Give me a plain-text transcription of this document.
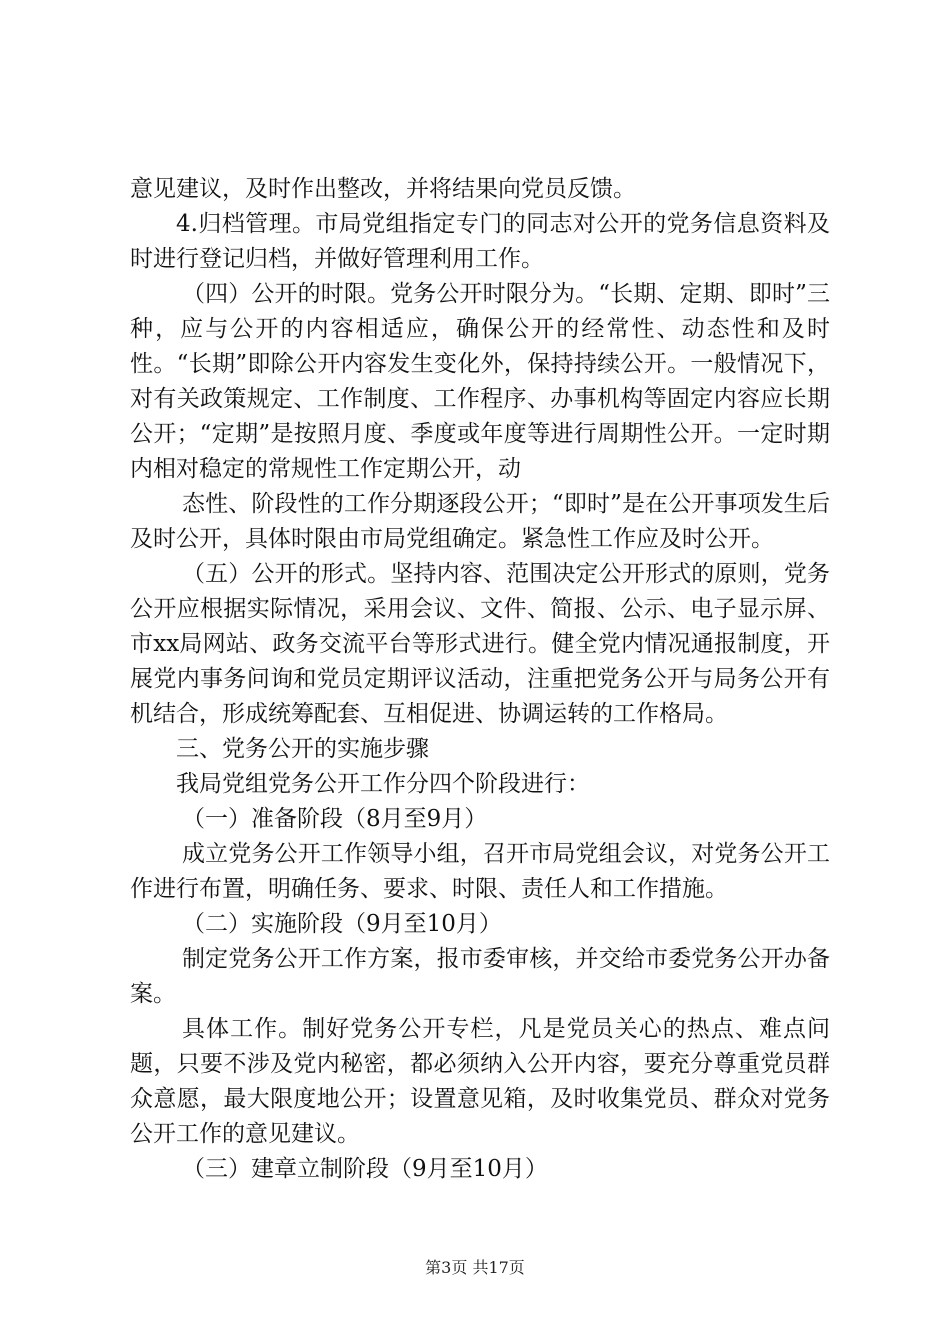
意见建议，及时作出整改，并将结果向党员反馈。

4.归档管理。市局党组指定专门的同志对公开的党务信息资料及时进行登记归档，并做好管理利用工作。

（四）公开的时限。党务公开时限分为。“长期、定期、即时”三种，应与公开的内容相适应，确保公开的经常性、动态性和及时性。“长期”即除公开内容发生变化外，保持持续公开。一般情况下，对有关政策规定、工作制度、工作程序、办事机构等固定内容应长期公开；“定期”是按照月度、季度或年度等进行周期性公开。一定时期内相对稳定的常规性工作定期公开，动

态性、阶段性的工作分期逐段公开；“即时”是在公开事项发生后及时公开，具体时限由市局党组确定。紧急性工作应及时公开。

（五）公开的形式。坚持内容、范围决定公开形式的原则，党务公开应根据实际情况，采用会议、文件、简报、公示、电子显示屏、市xx局网站、政务交流平台等形式进行。健全党内情况通报制度，开展党内事务问询和党员定期评议活动，注重把党务公开与局务公开有机结合，形成统筹配套、互相促进、协调运转的工作格局。

三、党务公开的实施步骤

我局党组党务公开工作分四个阶段进行：

（一）准备阶段（8月至9月）

成立党务公开工作领导小组，召开市局党组会议，对党务公开工作进行布置，明确任务、要求、时限、责任人和工作措施。

（二）实施阶段（9月至10月）

制定党务公开工作方案，报市委审核，并交给市委党务公开办备案。

具体工作。制好党务公开专栏，凡是党员关心的热点、难点问题，只要不涉及党内秘密，都必须纳入公开内容，要充分尊重党员群众意愿，最大限度地公开；设置意见箱，及时收集党员、群众对党务公开工作的意见建议。

（三）建章立制阶段（9月至10月）

第3页 共17页
